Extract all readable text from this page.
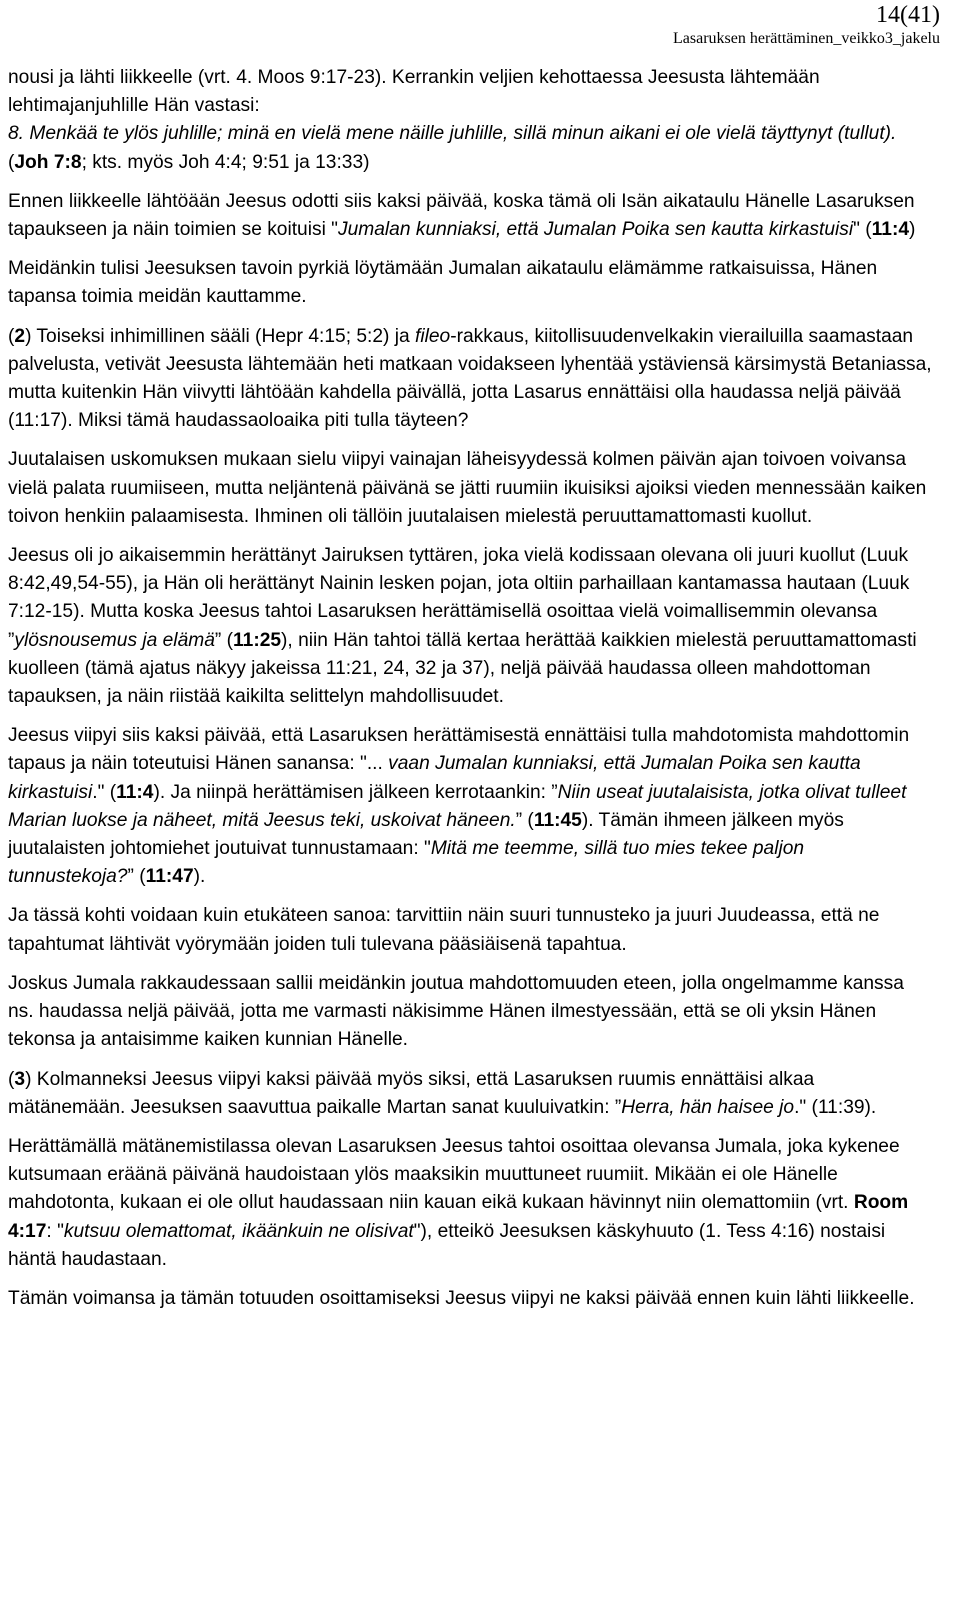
14(41)
Lasaruksen herättäminen_veikko3_jakelu

nousi ja lähti liikkeelle (vrt. 4. Moos 9:17-23). Kerrankin veljien kehottaessa Jeesusta lähtemään lehtimajanjuhlille Hän vastasi:
8. Menkää te ylös juhlille; minä en vielä mene näille juhlille, sillä minun aikani ei ole vielä täyttynyt (tullut). (Joh 7:8; kts. myös Joh 4:4; 9:51 ja 13:33)

Ennen liikkeelle lähtöään Jeesus odotti siis kaksi päivää, koska tämä oli Isän aikataulu Hänelle Lasaruksen tapaukseen ja näin toimien se koituisi "Jumalan kunniaksi, että Jumalan Poika sen kautta kirkastuisi" (11:4)

Meidänkin tulisi Jeesuksen tavoin pyrkiä löytämään Jumalan aikataulu elämämme ratkaisuissa, Hänen tapansa toimia meidän kauttamme.

(2) Toiseksi inhimillinen sääli (Hepr 4:15; 5:2) ja fileo-rakkaus, kiitollisuudenvelkakin vierailuilla saamastaan palvelusta, vetivät Jeesusta lähtemään heti matkaan voidakseen lyhentää ystäviensä kärsimystä Betaniassa, mutta kuitenkin Hän viivytti lähtöään kahdella päivällä, jotta Lasarus ennättäisi olla haudassa neljä päivää (11:17). Miksi tämä haudassaoloaika piti tulla täyteen?

Juutalaisen uskomuksen mukaan sielu viipyi vainajan läheisyydessä kolmen päivän ajan toivoen voivansa vielä palata ruumiiseen, mutta neljäntenä päivänä se jätti ruumiin ikuisiksi ajoiksi vieden mennessään kaiken toivon henkiin palaamisesta. Ihminen oli tällöin juutalaisen mielestä peruuttamattomasti kuollut.

Jeesus oli jo aikaisemmin herättänyt Jairuksen tyttären, joka vielä kodissaan olevana oli juuri kuollut (Luuk 8:42,49,54-55), ja Hän oli herättänyt Nainin lesken pojan, jota oltiin parhaillaan kantamassa hautaan (Luuk 7:12-15). Mutta koska Jeesus tahtoi Lasaruksen herättämisellä osoittaa vielä voimallisemmin olevansa ”ylösnousemus ja elämä” (11:25), niin Hän tahtoi tällä kertaa herättää kaikkien mielestä peruuttamattomasti kuolleen (tämä ajatus näkyy jakeissa 11:21, 24, 32 ja 37), neljä päivää haudassa olleen mahdottoman tapauksen, ja näin riistää kaikilta selittelyn mahdollisuudet.

Jeesus viipyi siis kaksi päivää, että Lasaruksen herättämisestä ennättäisi tulla mahdotomista mahdottomin tapaus ja näin toteutuisi Hänen sanansa: "... vaan Jumalan kunniaksi, että Jumalan Poika sen kautta kirkastuisi." (11:4). Ja niinpä herättämisen jälkeen kerrotaankin: ”Niin useat juutalaisista, jotka olivat tulleet Marian luokse ja näheet, mitä Jeesus teki, uskoivat häneen.” (11:45). Tämän ihmeen jälkeen myös juutalaisten johtomiehet joutuivat tunnustamaan: "Mitä me teemme, sillä tuo mies tekee paljon tunnustekoja?” (11:47).

Ja tässä kohti voidaan kuin etukäteen sanoa: tarvittiin näin suuri tunnusteko ja juuri Juudeassa, että ne tapahtumat lähtivät vyörymään joiden tuli tulevana pääsiäisenä tapahtua.

Joskus Jumala rakkaudessaan sallii meidänkin joutua mahdottomuuden eteen, jolla ongelmamme kanssa ns. haudassa neljä päivää, jotta me varmasti näkisimme Hänen ilmestyessään, että se oli yksin Hänen tekonsa ja antaisimme kaiken kunnian Hänelle.

(3) Kolmanneksi Jeesus viipyi kaksi päivää myös siksi, että Lasaruksen ruumis ennättäisi alkaa mätänemään. Jeesuksen saavuttua paikalle Martan sanat kuuluivatkin: ”Herra, hän haisee jo." (11:39).

Herättämällä mätänemistilassa olevan Lasaruksen Jeesus tahtoi osoittaa olevansa Jumala, joka kykenee kutsumaan eräänä päivänä haudoistaan ylös maaksikin muuttuneet ruumiit. Mikään ei ole Hänelle mahdotonta, kukaan ei ole ollut haudassaan niin kauan eikä kukaan hävinnyt niin olemattomiin (vrt. Room 4:17: "kutsuu olemattomat, ikäänkuin ne olisivat"), etteikö Jeesuksen käskyhuuto (1. Tess 4:16) nostaisi häntä haudastaan.

Tämän voimansa ja tämän totuuden osoittamiseksi Jeesus viipyi ne kaksi päivää ennen kuin lähti liikkeelle.
